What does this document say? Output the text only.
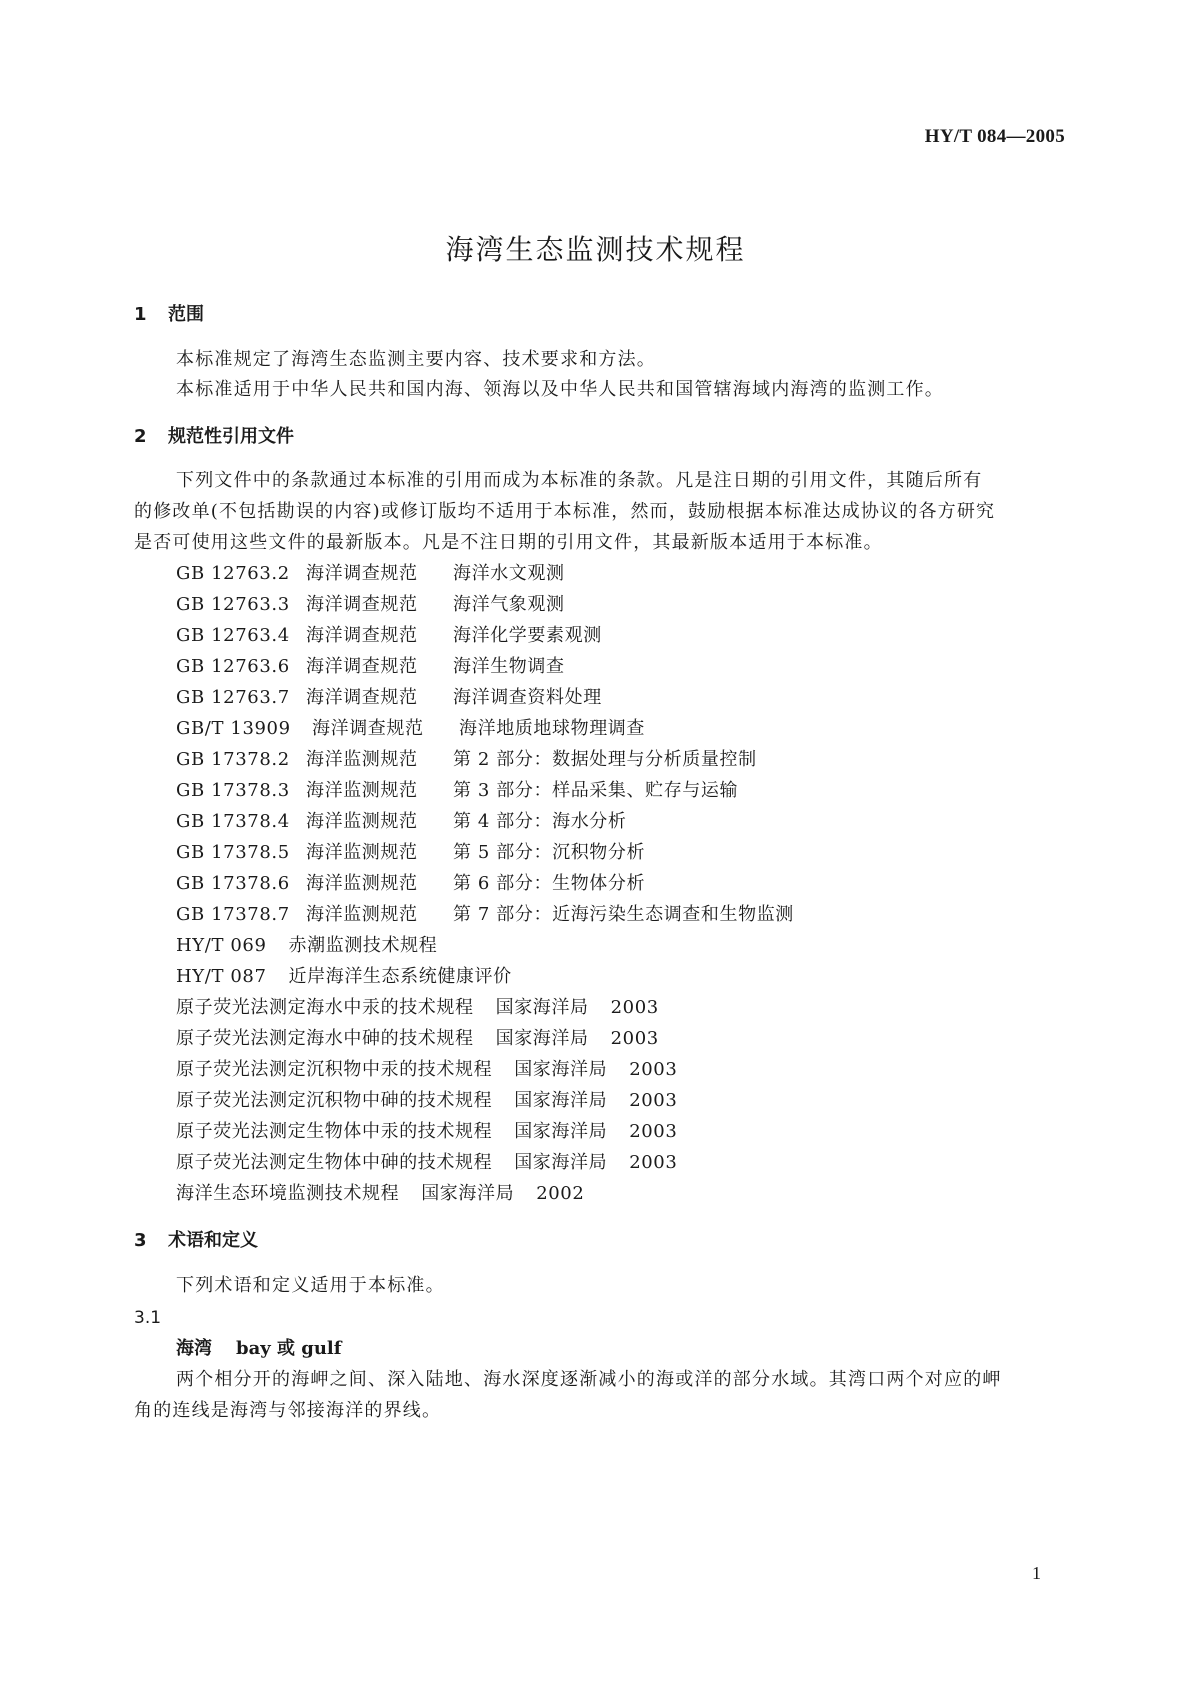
HY/T 084—2005
海湾生态监测技术规程
1 范围
本标准规定了海湾生态监测主要内容、技术要求和方法。
本标准适用于中华人民共和国内海、领海以及中华人民共和国管辖海域内海湾的监测工作。
2 规范性引用文件
下列文件中的条款通过本标准的引用而成为本标准的条款。凡是注日期的引用文件，其随后所有
的修改单(不包括勘误的内容)或修订版均不适用于本标准，然而，鼓励根据本标准达成协议的各方研究
是否可使用这些文件的最新版本。凡是不注日期的引用文件，其最新版本适用于本标准。
GB 12763.2 海洋调查规范 海洋水文观测
GB 12763.3 海洋调查规范 海洋气象观测
GB 12763.4 海洋调查规范 海洋化学要素观测
GB 12763.6 海洋调查规范 海洋生物调查
GB 12763.7 海洋调查规范 海洋调查资料处理
GB/T 13909 海洋调查规范 海洋地质地球物理调查
GB 17378.2 海洋监测规范 第 2 部分：数据处理与分析质量控制
GB 17378.3 海洋监测规范 第 3 部分：样品采集、贮存与运输
GB 17378.4 海洋监测规范 第 4 部分：海水分析
GB 17378.5 海洋监测规范 第 5 部分：沉积物分析
GB 17378.6 海洋监测规范 第 6 部分：生物体分析
GB 17378.7 海洋监测规范 第 7 部分：近海污染生态调查和生物监测
HY/T 069 赤潮监测技术规程
HY/T 087 近岸海洋生态系统健康评价
原子荧光法测定海水中汞的技术规程 国家海洋局 2003
原子荧光法测定海水中砷的技术规程 国家海洋局 2003
原子荧光法测定沉积物中汞的技术规程 国家海洋局 2003
原子荧光法测定沉积物中砷的技术规程 国家海洋局 2003
原子荧光法测定生物体中汞的技术规程 国家海洋局 2003
原子荧光法测定生物体中砷的技术规程 国家海洋局 2003
海洋生态环境监测技术规程 国家海洋局 2002
3 术语和定义
下列术语和定义适用于本标准。
3.1
海湾 bay 或 gulf
两个相分开的海岬之间、深入陆地、海水深度逐渐减小的海或洋的部分水域。其湾口两个对应的岬
角的连线是海湾与邻接海洋的界线。
1
